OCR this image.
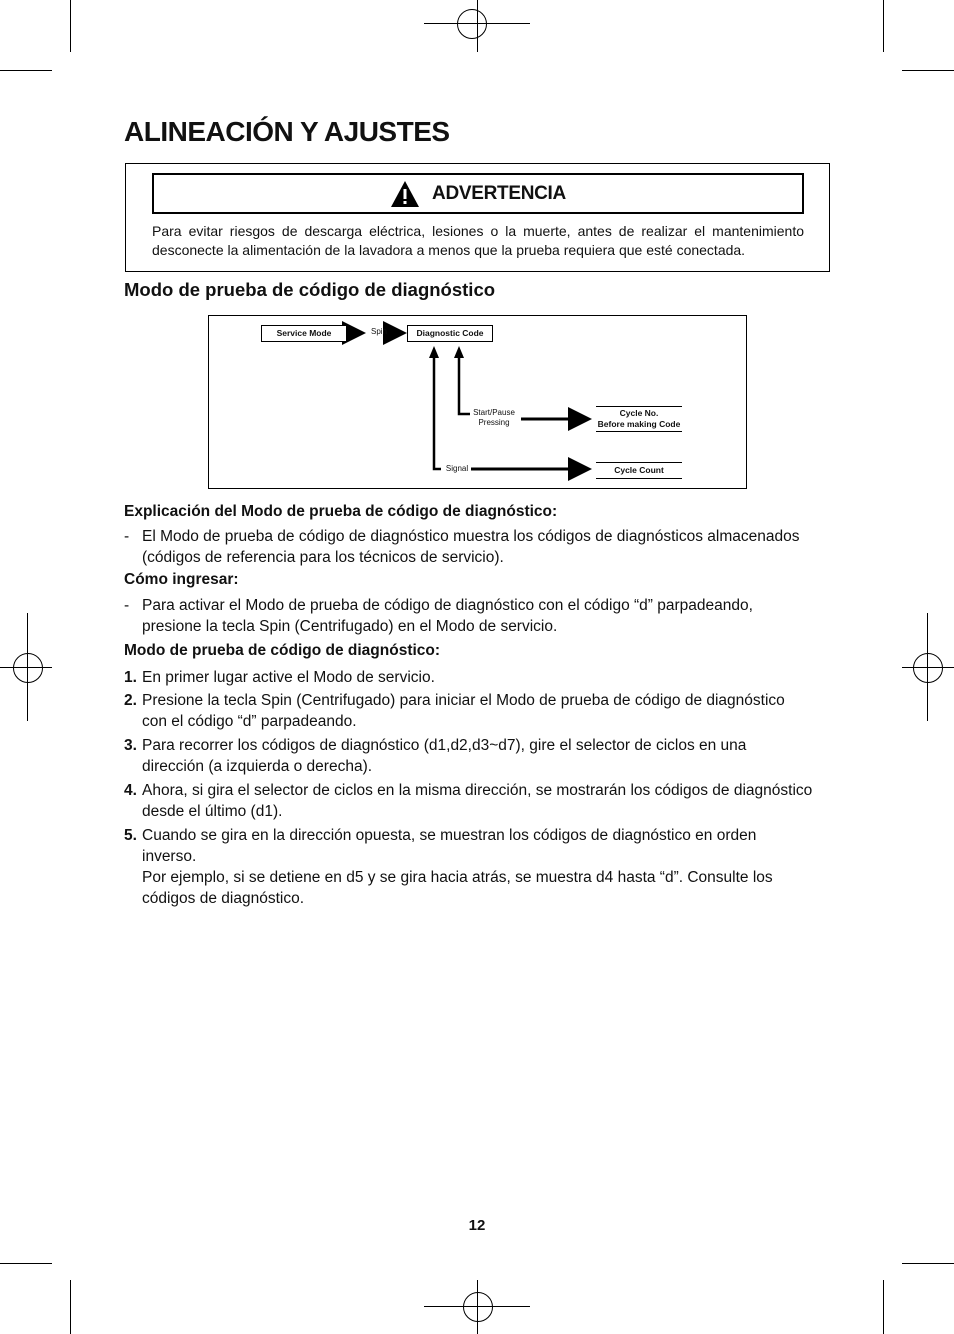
ALINEACIÓN Y AJUSTES
ADVERTENCIA
Para evitar riesgos de descarga eléctrica, lesiones o la muerte, antes de realizar el mantenimiento
desconecte la alimentación de la lavadora a menos que la prueba requiera que esté conectada.
Modo de prueba de código de diagnóstico
Service Mode	Spin	Diagnostic Code
Start/Pause
Pressing
Cycle No.
Before making Code
Signal	Cycle Count
Explicación del Modo de prueba de código de diagnóstico:
- El Modo de prueba de código de diagnóstico muestra los códigos de diagnósticos almacenados
(códigos de referencia para los técnicos de servicio).
Cómo ingresar:
- Para activar el Modo de prueba de código de diagnóstico con el código “d” parpadeando,
presione la tecla Spin (Centrifugado) en el Modo de servicio.
Modo de prueba de código de diagnóstico:
1. En primer lugar active el Modo de servicio.
2. Presione la tecla Spin (Centrifugado) para iniciar el Modo de prueba de código de diagnóstico
con el código “d” parpadeando.
3. Para recorrer los códigos de diagnóstico (d1,d2,d3~d7), gire el selector de ciclos en una
dirección (a izquierda o derecha).
4. Ahora, si gira el selector de ciclos en la misma dirección, se mostrarán los códigos de diagnóstico
desde el último (d1).
5. Cuando se gira en la dirección opuesta, se muestran los códigos de diagnóstico en orden
inverso.
Por ejemplo, si se detiene en d5 y se gira hacia atrás, se muestra d4 hasta “d”. Consulte los
códigos de diagnóstico.
12
